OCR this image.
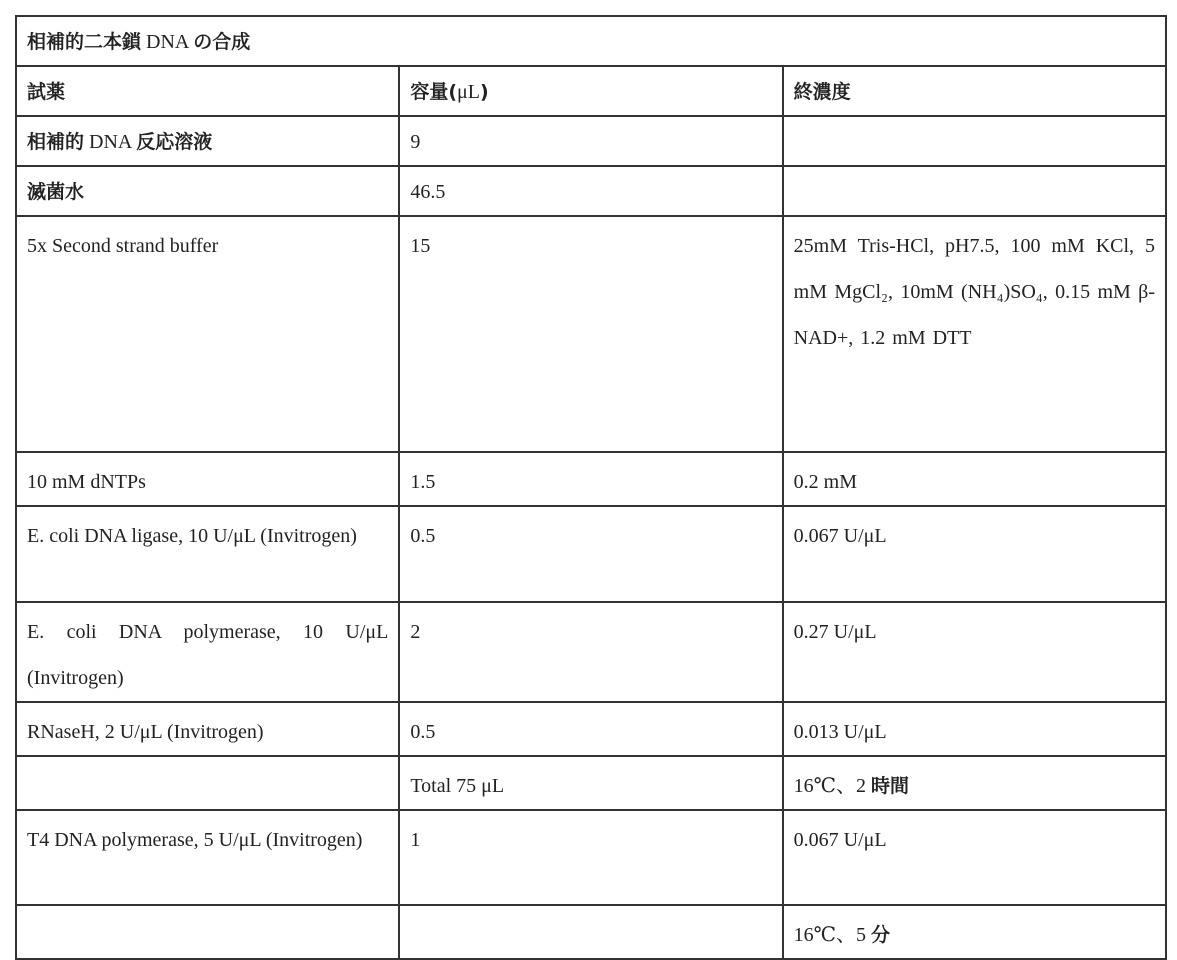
相補的二本鎖 DNA の合成
試薬	容量(μL)	終濃度
相補的 DNA 反応溶液	9	
滅菌水	46.5	
5x Second strand buffer	15	25mM Tris-HCl, pH7.5, 100 mM KCl, 5 mM MgCl₂, 10mM (NH₄)SO₄, 0.15 mM β-NAD+, 1.2 mM DTT
10 mM dNTPs	1.5	0.2 mM
E. coli DNA ligase, 10 U/μL (Invitrogen)	0.5	0.067 U/μL
E. coli DNA polymerase, 10 U/μL (Invitrogen)	2	0.27 U/μL
RNaseH, 2 U/μL (Invitrogen)	0.5	0.013 U/μL
	Total 75 μL	16℃、2 時間
T4 DNA polymerase, 5 U/μL (Invitrogen)	1	0.067 U/μL
		16℃、5 分
